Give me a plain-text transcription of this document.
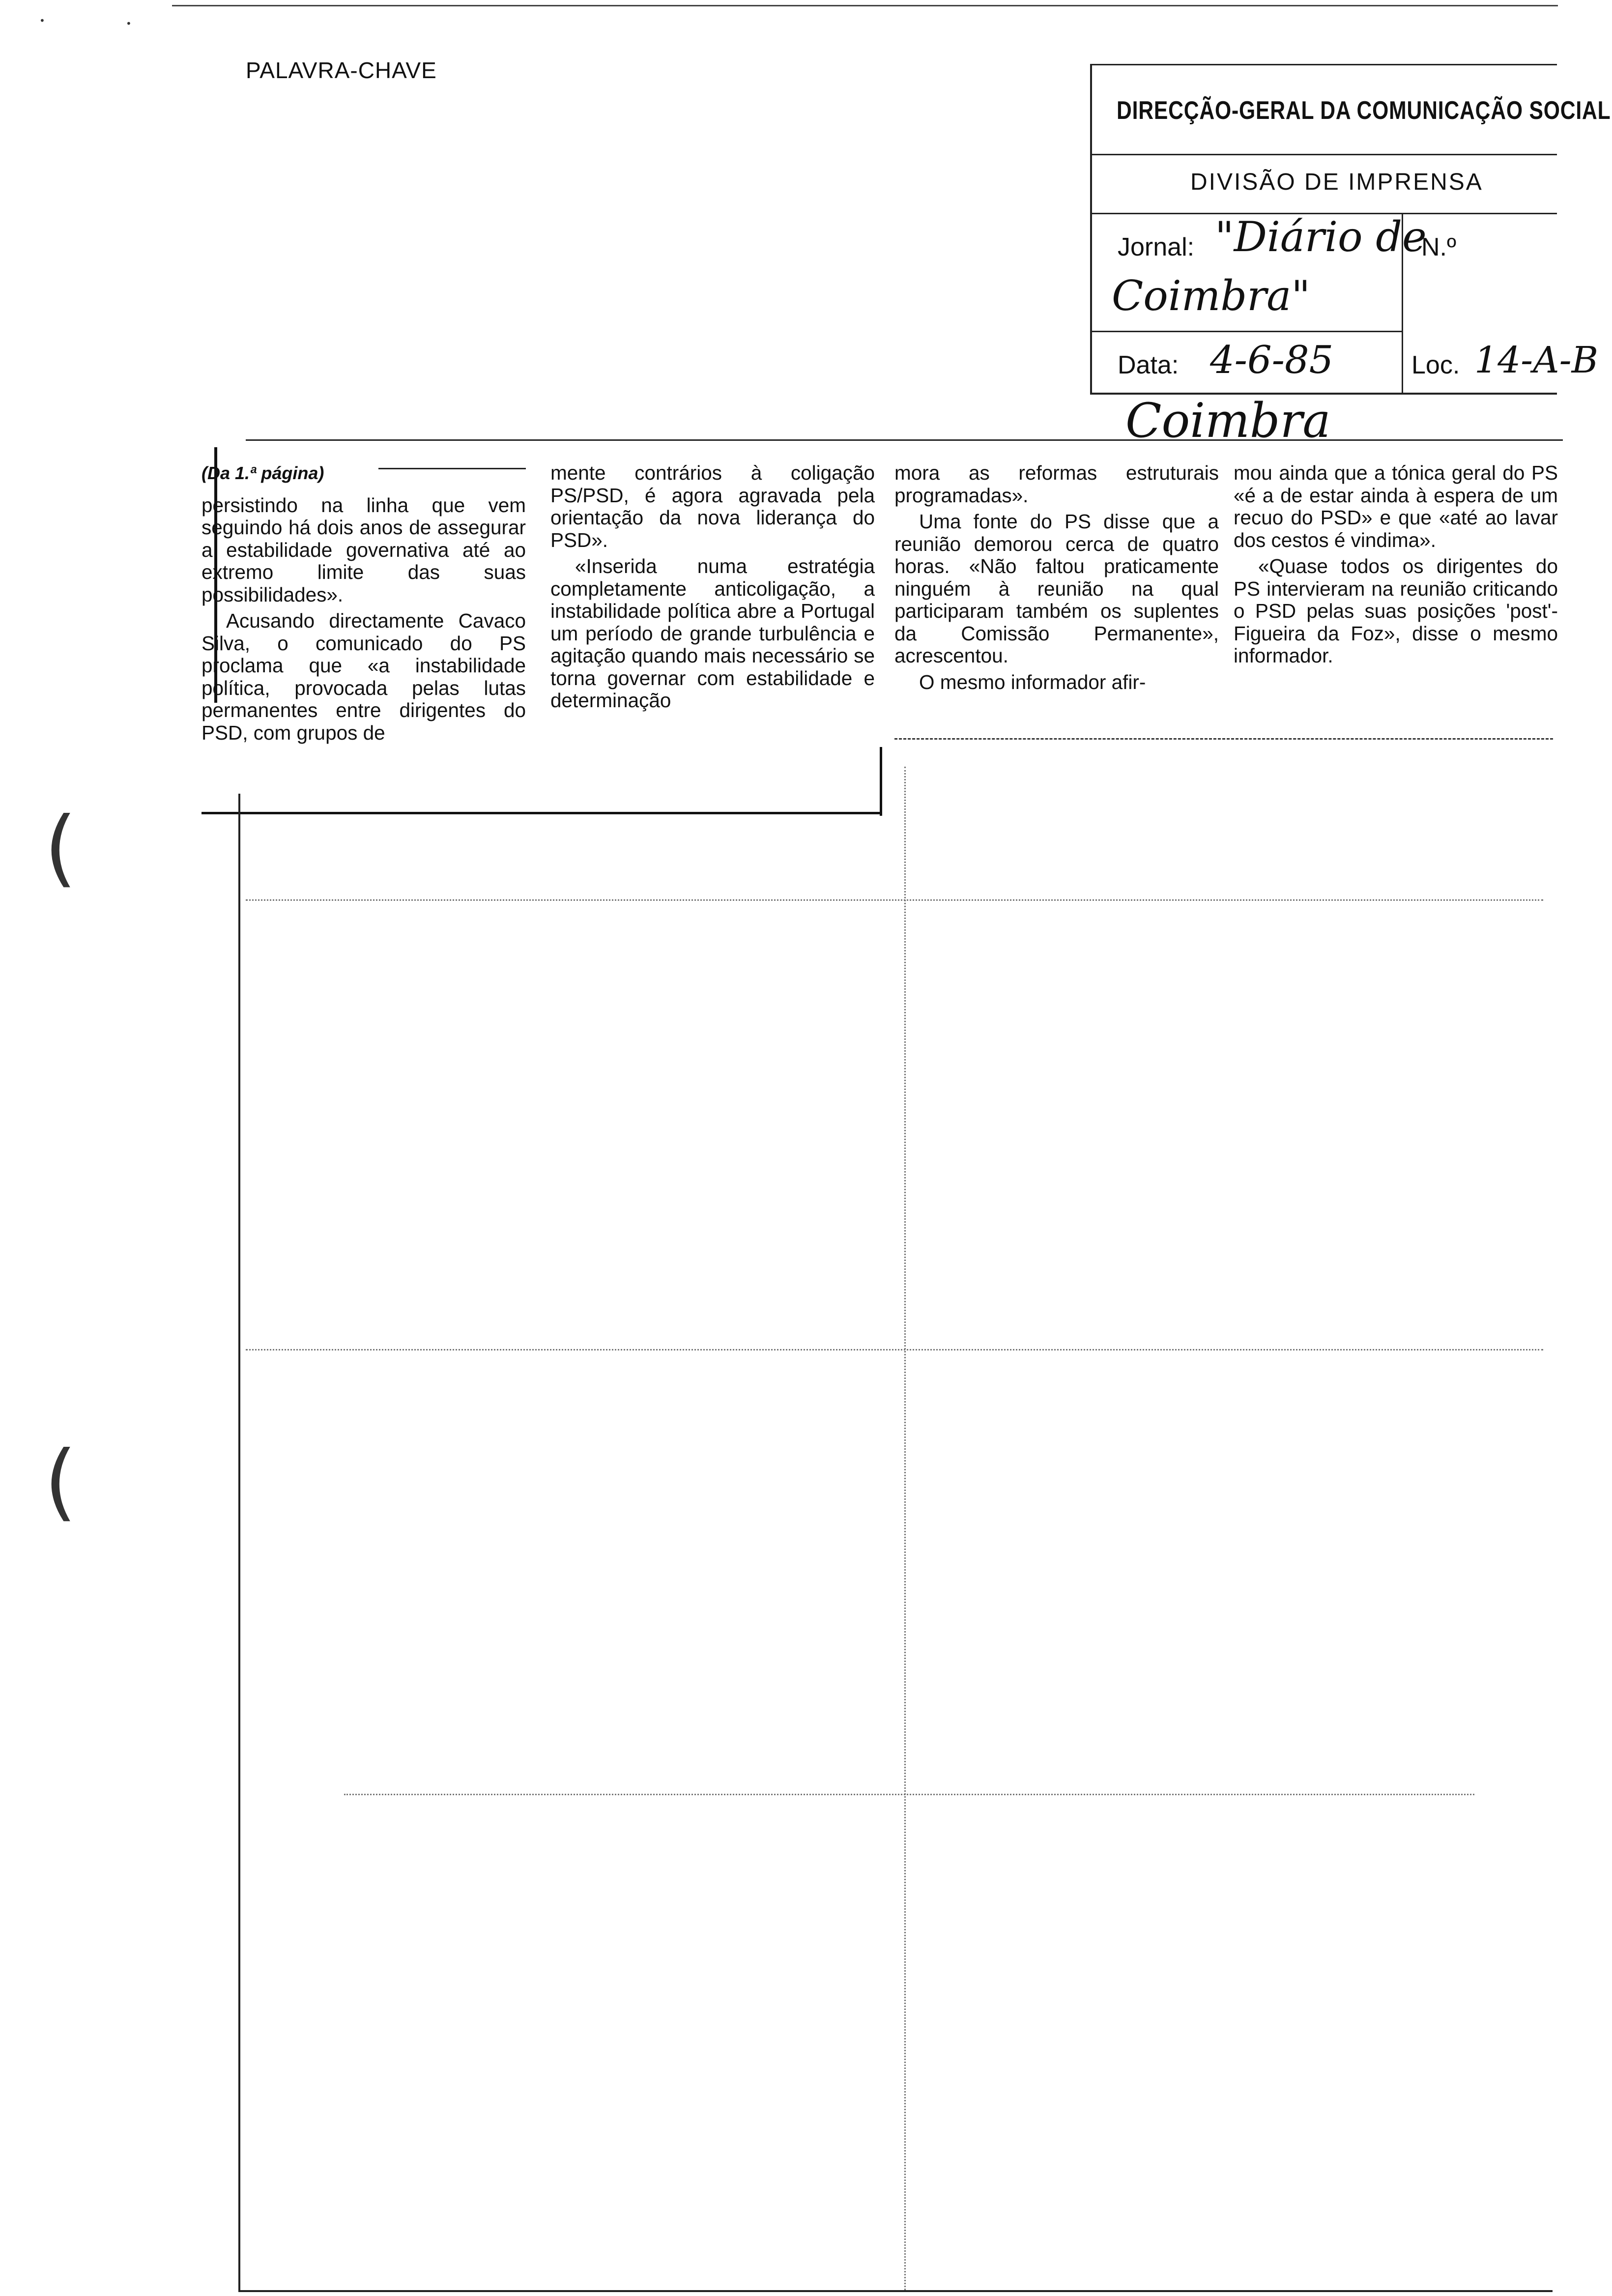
•	•
PALAVRA-CHAVE
DIRECÇÃO-GERAL DA COMUNICAÇÃO SOCIAL
DIVISÃO DE IMPRENSA
Jornal: "Diário de
Coimbra"
N.º
Data: 4-6-85	Loc. 14-A-B
Coimbra
(Da 1.ª página)

persistindo na linha que vem seguindo há dois anos de assegurar a estabilidade governativa até ao extremo limite das suas possibilidades».

Acusando directamente Cavaco Silva, o comunicado do PS proclama que «a instabilidade política, provocada pelas lutas permanentes entre dirigentes do PSD, com grupos de

mente contrários à coligação PS/PSD, é agora agravada pela orientação da nova liderança do PSD».

«Inserida numa estratégia completamente anticoligação, a instabilidade política abre a Portugal um período de grande turbulência e agitação quando mais necessário se torna governar com estabilidade e determinação

mora as reformas estruturais programadas».

Uma fonte do PS disse que a reunião demorou cerca de quatro horas. «Não faltou praticamente ninguém à reunião na qual participaram também os suplentes da Comissão Permanente», acrescentou.

O mesmo informador afir-

mou ainda que a tónica geral do PS «é a de estar ainda à espera de um recuo do PSD» e que «até ao lavar dos cestos é vindima».

«Quase todos os dirigentes do PS intervieram na reunião criticando o PSD pelas suas posições 'post'-Figueira da Foz», disse o mesmo informador.

(
(
